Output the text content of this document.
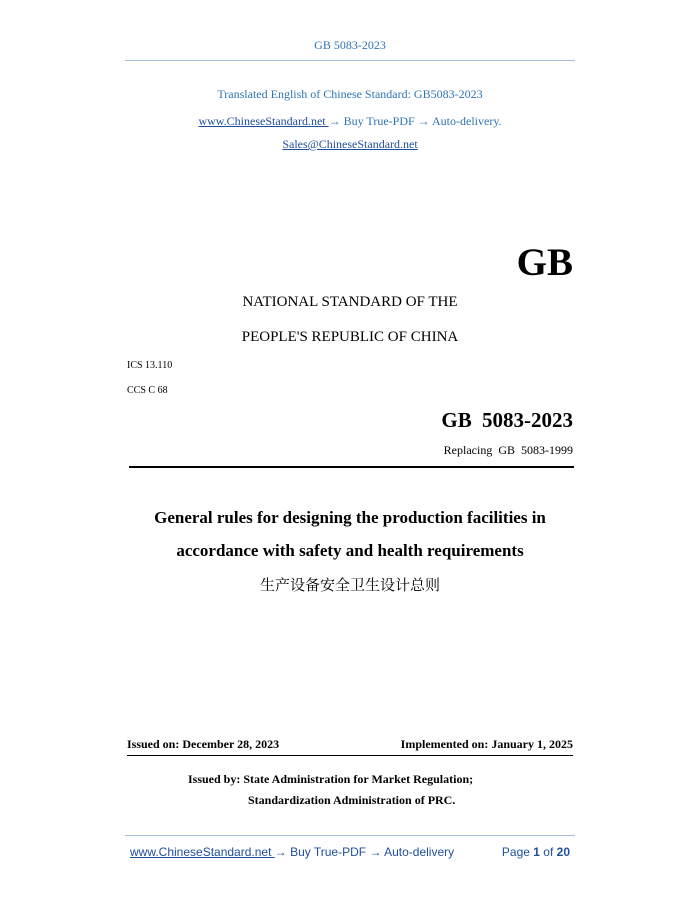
GB 5083-2023
Translated English of Chinese Standard: GB5083-2023
www.ChineseStandard.net → Buy True-PDF → Auto-delivery.
Sales@ChineseStandard.net
GB
NATIONAL STANDARD OF THE
PEOPLE'S REPUBLIC OF CHINA
ICS 13.110
CCS C 68
GB 5083-2023
Replacing GB 5083-1999
General rules for designing the production facilities in
accordance with safety and health requirements
生产设备安全卫生设计总则
Issued on: December 28, 2023	Implemented on: January 1, 2025
Issued by: State Administration for Market Regulation;
Standardization Administration of PRC.
www.ChineseStandard.net → Buy True-PDF → Auto-delivery	Page 1 of 20
